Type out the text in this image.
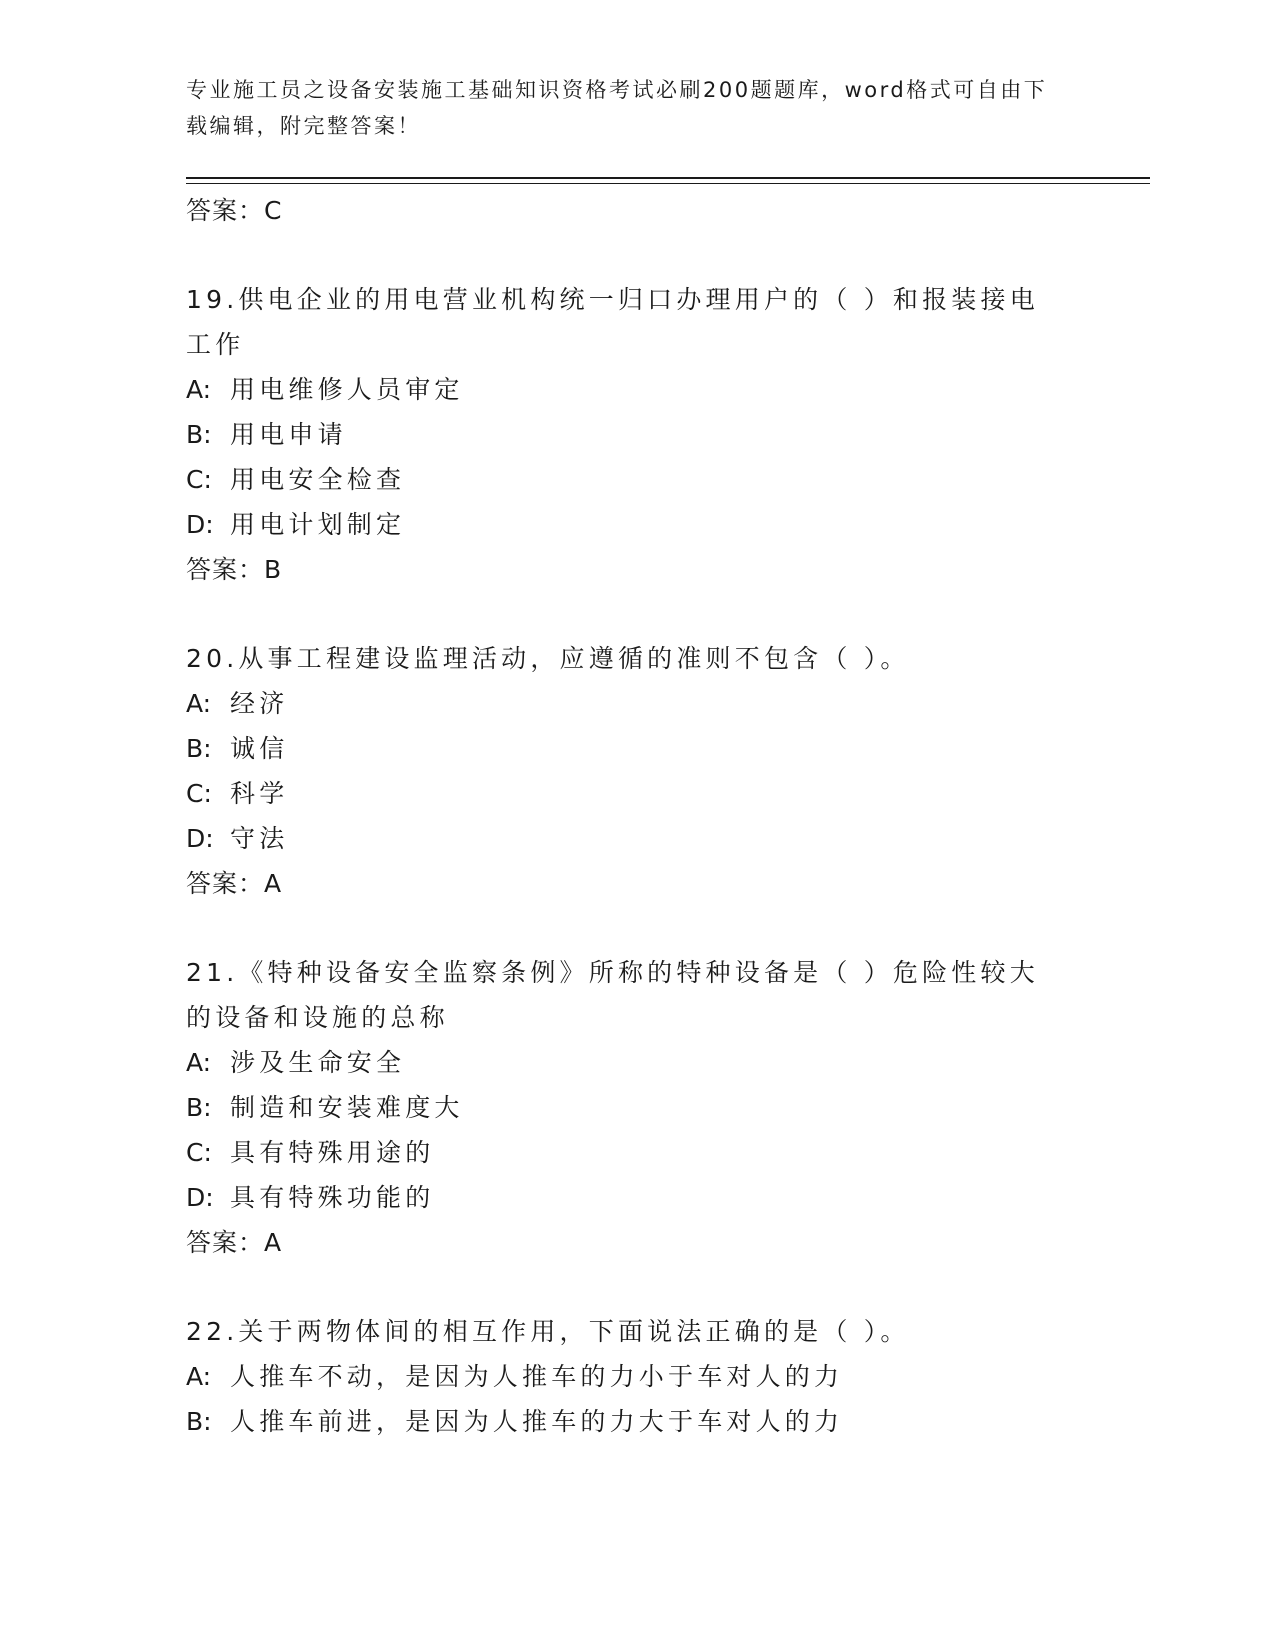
专业施工员之设备安装施工基础知识资格考试必刷200题题库，word格式可自由下载编辑，附完整答案！

答案：C

19.供电企业的用电营业机构统一归口办理用户的（ ）和报装接电工作

A: 用电维修人员审定

B: 用电申请

C: 用电安全检查

D: 用电计划制定

答案：B

20.从事工程建设监理活动，应遵循的准则不包含（ ）。

A: 经济

B: 诚信

C: 科学

D: 守法

答案：A

21.《特种设备安全监察条例》所称的特种设备是（ ）危险性较大的设备和设施的总称

A: 涉及生命安全

B: 制造和安装难度大

C: 具有特殊用途的

D: 具有特殊功能的

答案：A

22.关于两物体间的相互作用，下面说法正确的是（ ）。

A: 人推车不动，是因为人推车的力小于车对人的力

B: 人推车前进，是因为人推车的力大于车对人的力
